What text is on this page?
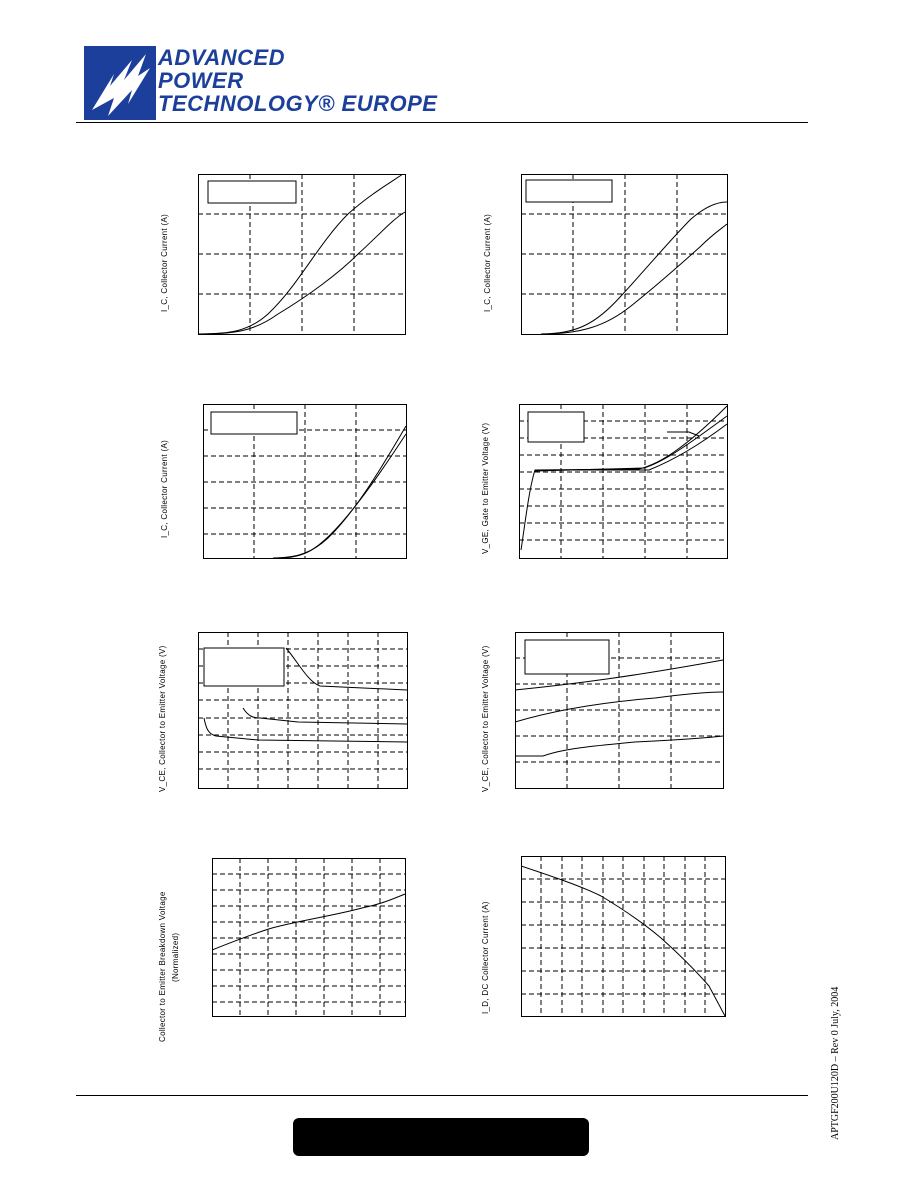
ADVANCED
POWER
TECHNOLOGY® EUROPE
I_C, Collector Current (A)	I_C, Collector Current (A)
I_C, Collector Current (A)	V_GE, Gate to Emitter Voltage (V)
V_CE, Collector to Emitter Voltage (V)	V_CE, Collector to Emitter Voltage (V)
Collector to Emitter Breakdown Voltage (Normalized)	I_D, DC Collector Current (A)
APTGF200U120D – Rev 0 July, 2004
